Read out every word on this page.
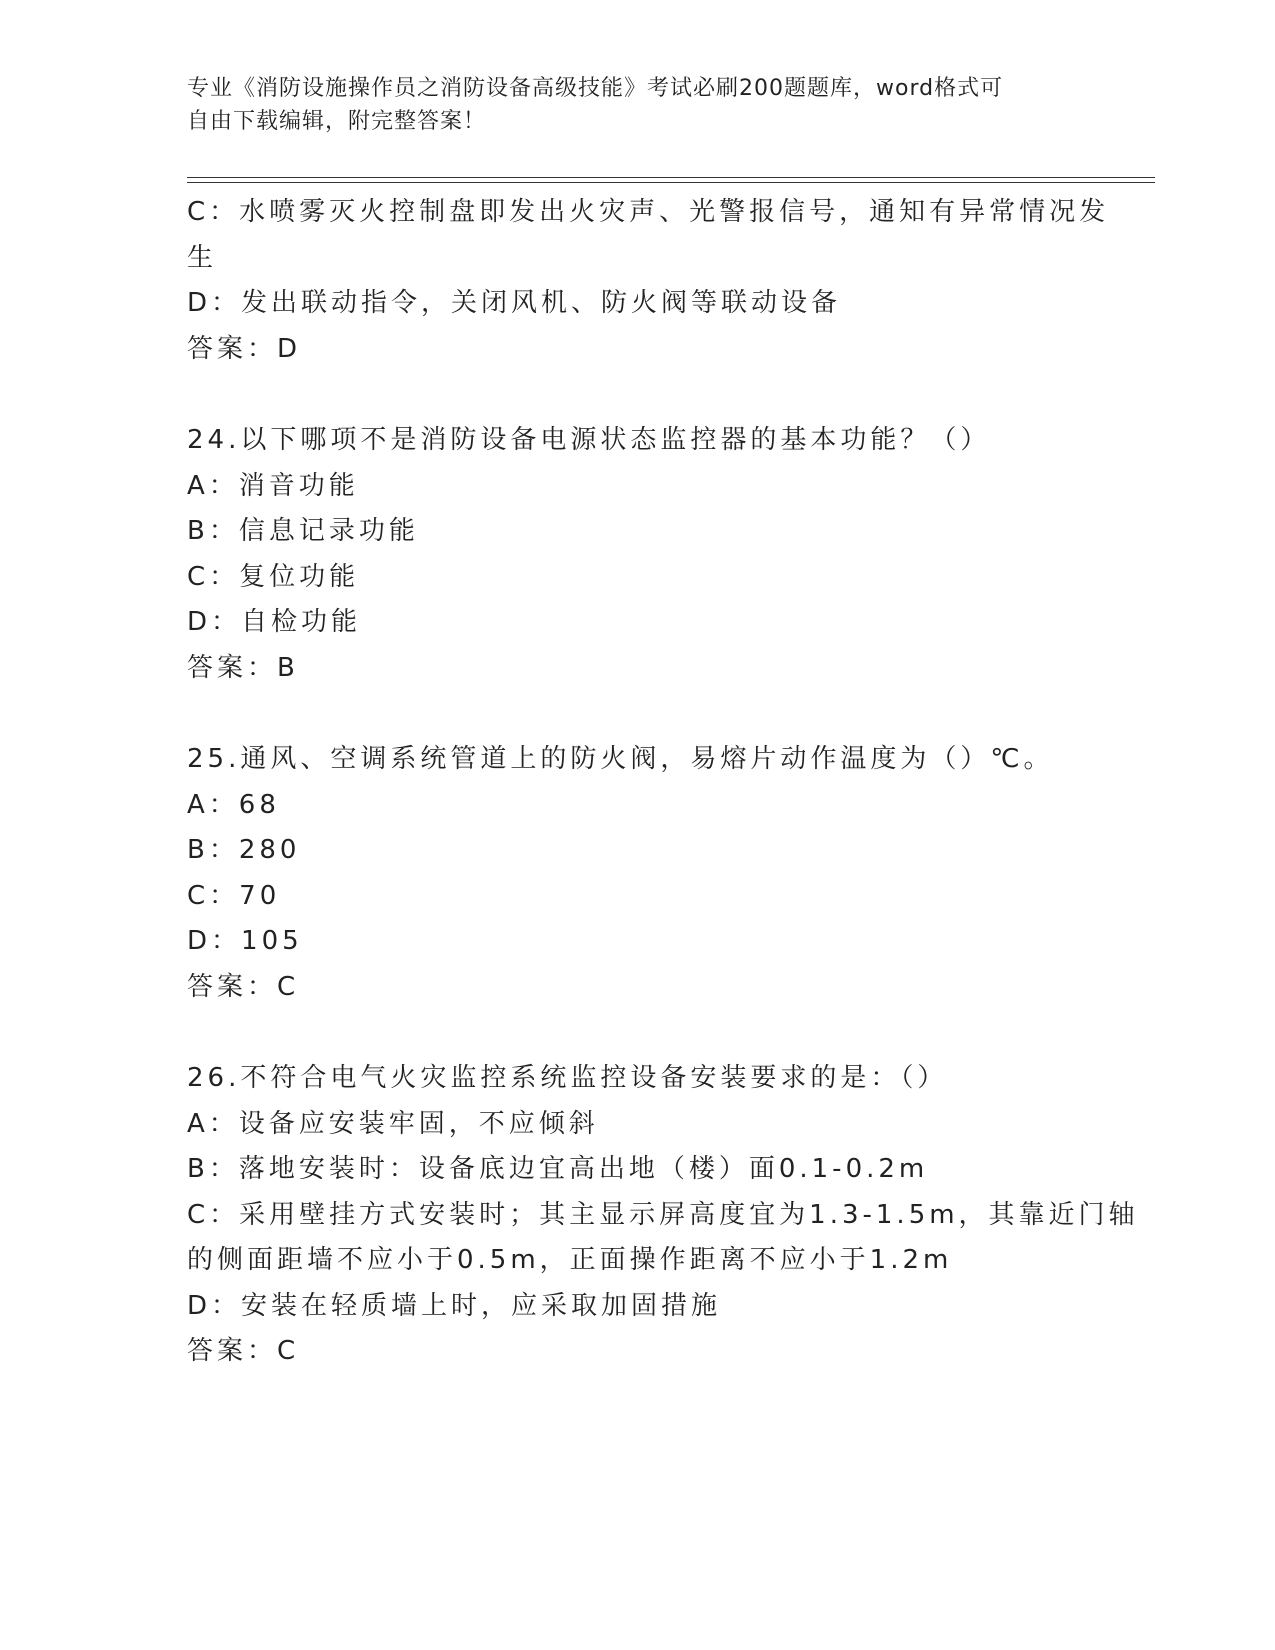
专业《消防设施操作员之消防设备高级技能》考试必刷200题题库，word格式可
自由下载编辑，附完整答案！
C：水喷雾灭火控制盘即发出火灾声、光警报信号，通知有异常情况发
生
D：发出联动指令，关闭风机、防火阀等联动设备
答案：D
24.以下哪项不是消防设备电源状态监控器的基本功能？（）
A：消音功能
B：信息记录功能
C：复位功能
D：自检功能
答案：B
25.通风、空调系统管道上的防火阀，易熔片动作温度为（）℃。
A：68
B：280
C：70
D：105
答案：C
26.不符合电气火灾监控系统监控设备安装要求的是：（）
A：设备应安装牢固，不应倾斜
B：落地安装时：设备底边宜高出地（楼）面0.1-0.2m
C：采用壁挂方式安装时；其主显示屏高度宜为1.3-1.5m，其靠近门轴
的侧面距墙不应小于0.5m，正面操作距离不应小于1.2m
D：安装在轻质墙上时，应采取加固措施
答案：C
